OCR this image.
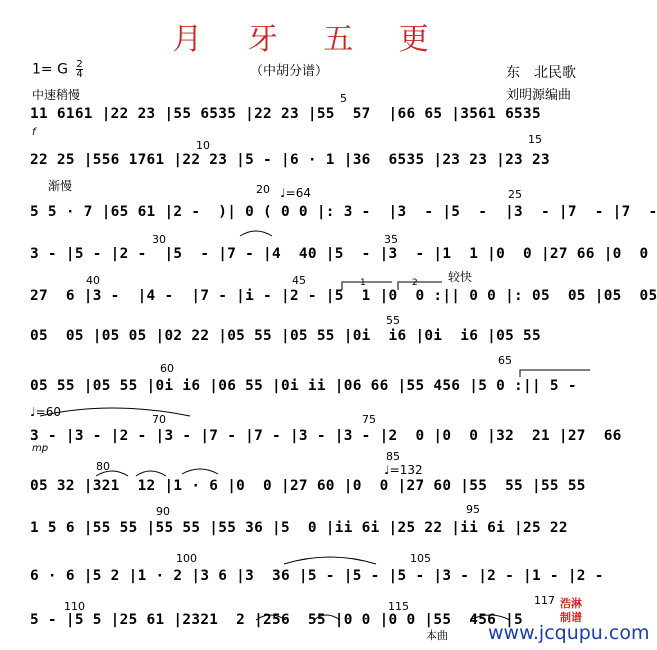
月 牙 五 更
1= G $\frac{2}{4}$	（中胡分谱）	东　北民歌
刘明源编曲
中速稍慢
11 6161 |22 23 |55 6535 |22 23 |55  57  |66 65 |3561 6535
22 25 |556 1761 |22 23 |5 - |6 · 1 |36  6535 |23 23 |23 23
5 5 · 7 |65 61 |2 -  )| 0 ( 0 0 |: 3 -  |3  - |5  -  |3  - |7  - |7  -
3 - |5 - |2 -  |5  - |7 - |4  40 |5  - |3  - |1  1 |0  0 |27 66 |0  0
27  6 |3 -  |4 -  |7 - |i - |2 - |5  1 |0  0 :|| 0 0 |: 05  05 |05  05
05  05 |05 05 |02 22 |05 55 |05 55 |0i  i6 |0i  i6 |05 55
05 55 |05 55 |0i i6 |06 55 |0i ii |06 66 |55 456 |5 0 :|| 5 -
3 - |3 - |2 - |3 - |7 - |7 - |3 - |3 - |2  0 |0  0 |32  21 |27  66
05 32 |321  12 |1 · 6 |0  0 |27 60 |0  0 |27 60 |55  55 |55 55
1 5 6 |55 55 |55 55 |55 36 |5  0 |ii 6i |25 22 |ii 6i |25 22
6 · 6 |5 2 |1 · 2 |3 6 |3  36 |5 - |5 - |5 - |3 - |2 - |1 - |2 -
5 - |5 5 |25 61 |2321  2 |256  55 |0 0 |0 0 |55  456 |5
5
10	15
20	25
30	35
40	45
55
60
65
70	75
80
85
90	95
100	105
110	115	117
渐慢	♩=64
较快
♩=60
♩=132
f
mp
1	2
本曲 www.jcqupu.com
浩淋
制谱
